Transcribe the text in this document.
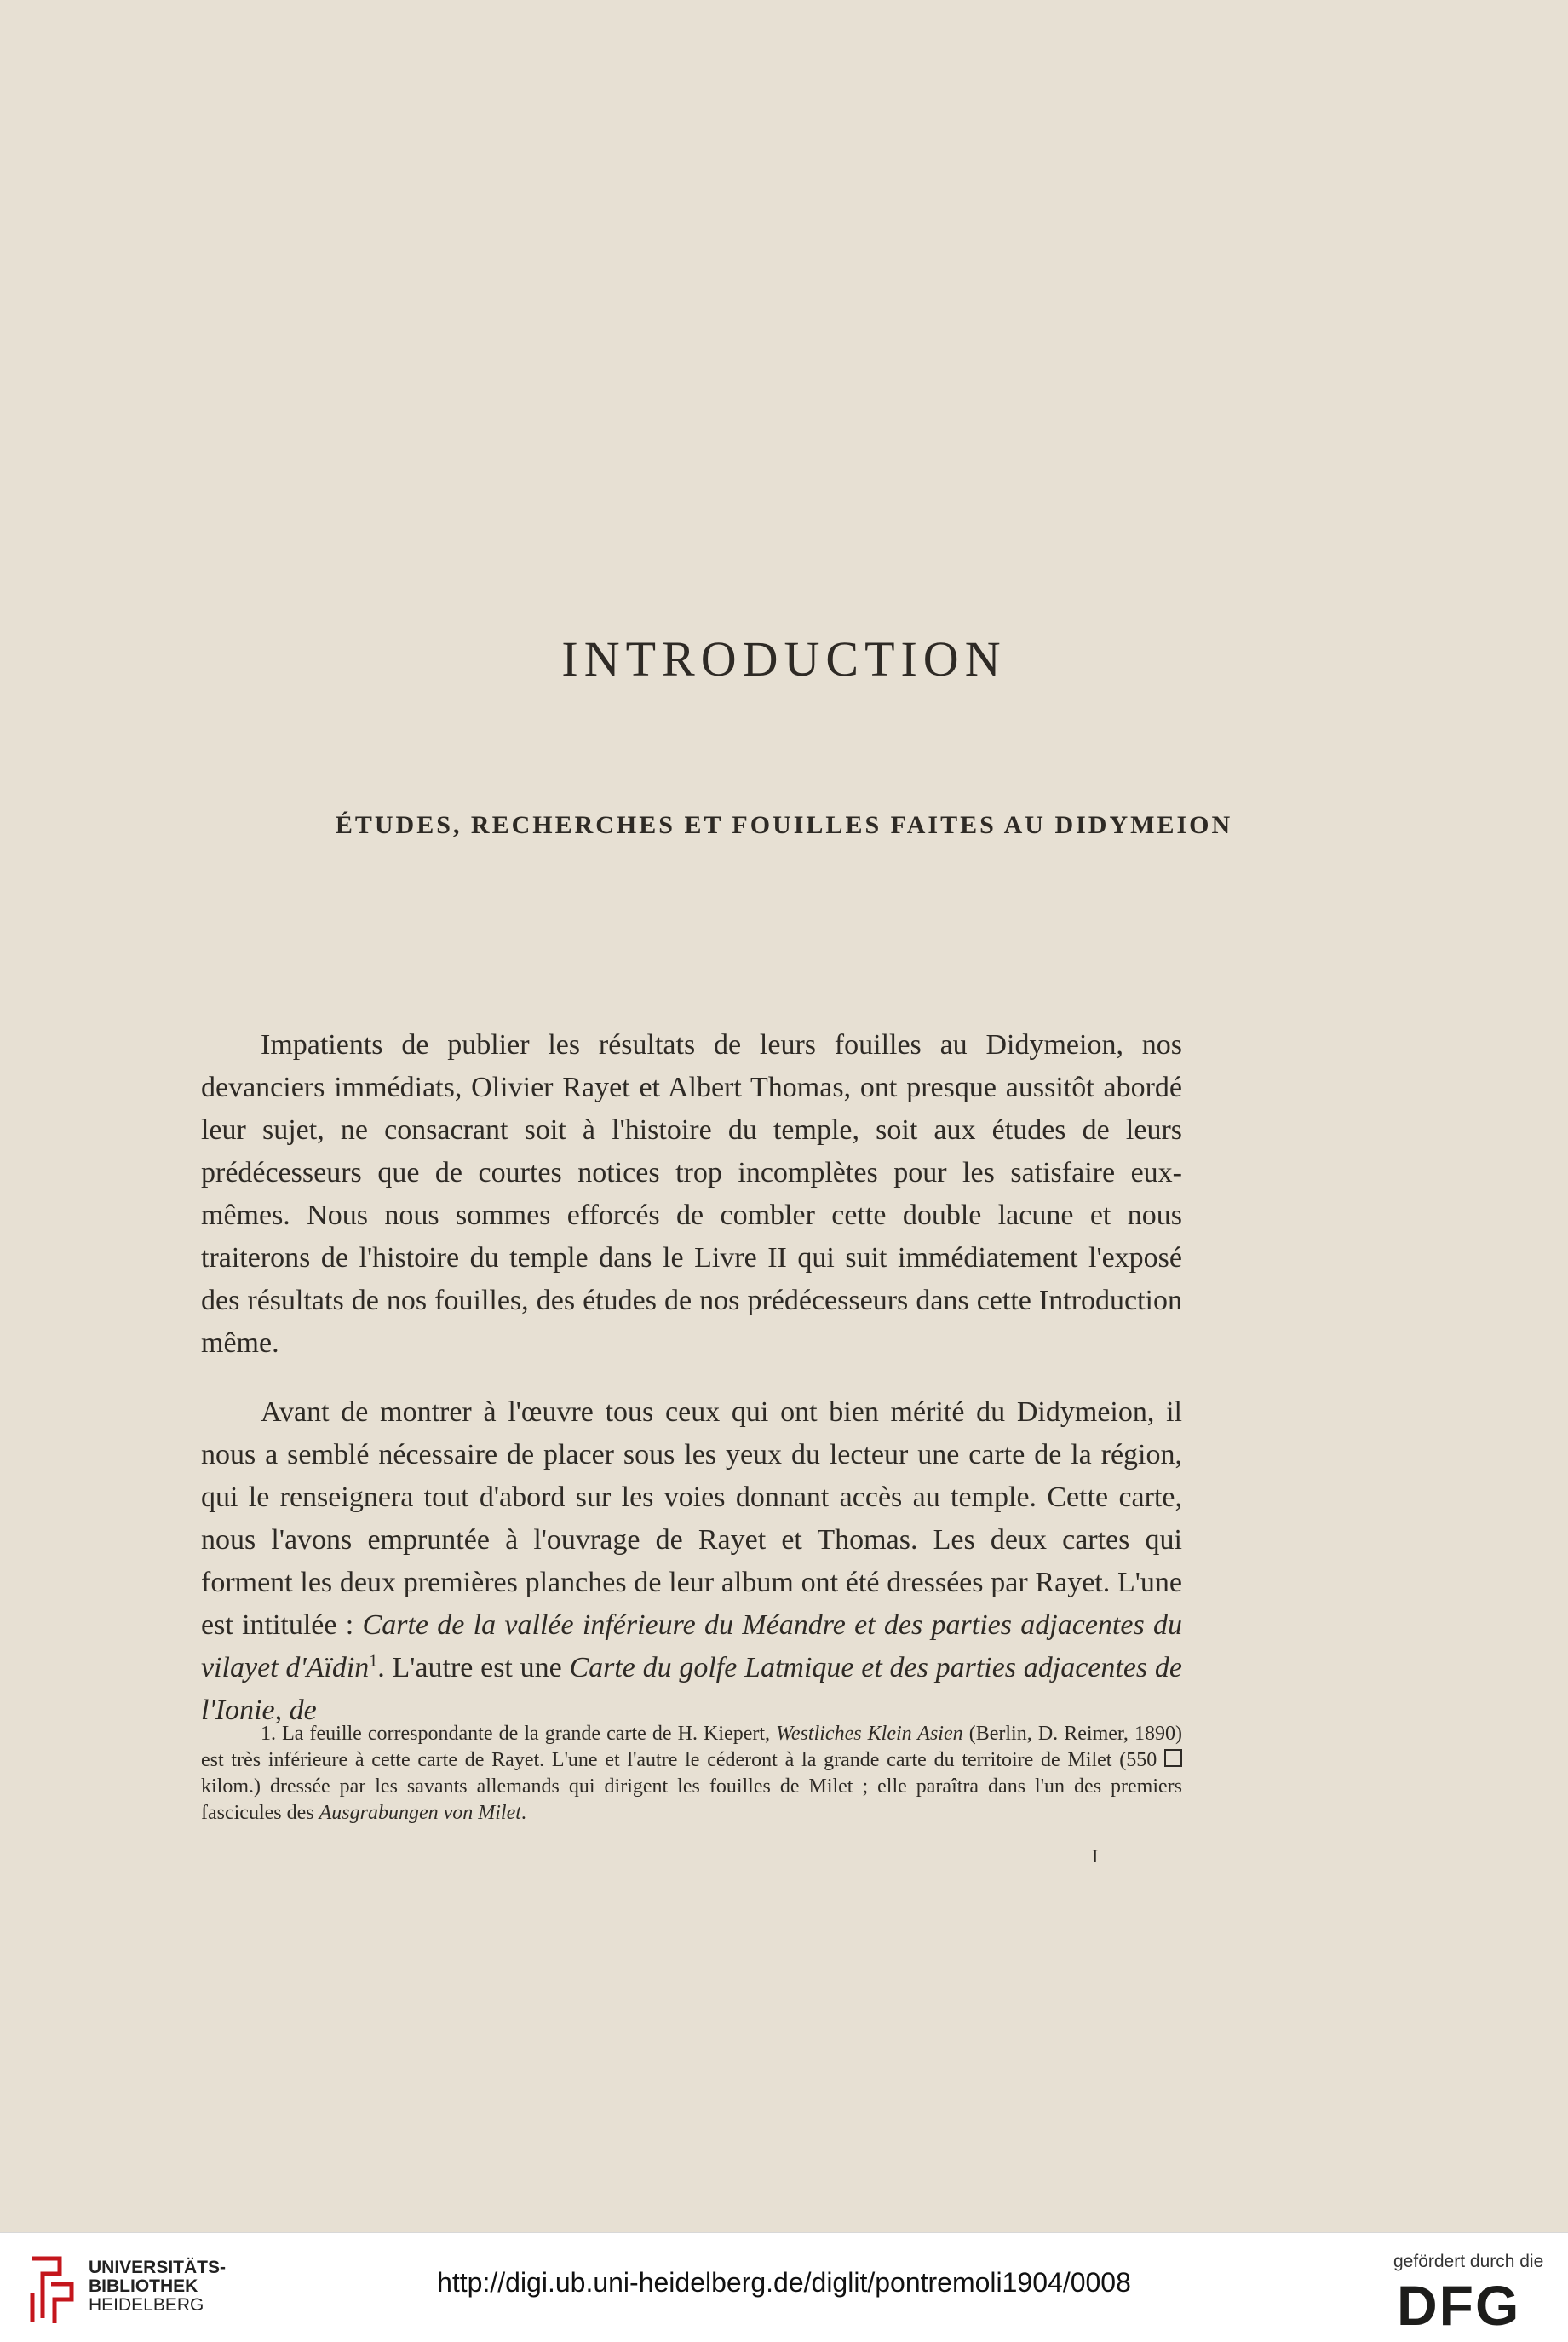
INTRODUCTION
ÉTUDES, RECHERCHES ET FOUILLES FAITES AU DIDYMEION

Impatients de publier les résultats de leurs fouilles au Didymeion, nos devanciers immédiats, Olivier Rayet et Albert Thomas, ont presque aussitôt abordé leur sujet, ne consacrant soit à l'histoire du temple, soit aux études de leurs prédécesseurs que de courtes notices trop incomplètes pour les satisfaire eux-mêmes. Nous nous sommes efforcés de combler cette double lacune et nous traiterons de l'histoire du temple dans le Livre II qui suit immédiatement l'exposé des résultats de nos fouilles, des études de nos prédécesseurs dans cette Introduction même.

Avant de montrer à l'œuvre tous ceux qui ont bien mérité du Didymeion, il nous a semblé nécessaire de placer sous les yeux du lecteur une carte de la région, qui le renseignera tout d'abord sur les voies donnant accès au temple. Cette carte, nous l'avons empruntée à l'ouvrage de Rayet et Thomas. Les deux cartes qui forment les deux premières planches de leur album ont été dressées par Rayet. L'une est intitulée : Carte de la vallée inférieure du Méandre et des parties adjacentes du vilayet d'Aïdin$^1$. L'autre est une Carte du golfe Latmique et des parties adjacentes de l'Ionie, de

1. La feuille correspondante de la grande carte de H. Kiepert, Westliches Klein Asien (Berlin, D. Reimer, 1890) est très inférieure à cette carte de Rayet. L'une et l'autre le céderont à la grande carte du territoire de Milet (550  kilom.) dressée par les savants allemands qui dirigent les fouilles de Milet ; elle paraîtra dans l'un des premiers fascicules des Ausgrabungen von Milet.

I

UNIVERSITÄTS-
BIBLIOTHEK
HEIDELBERG
http://digi.ub.uni-heidelberg.de/diglit/pontremoli1904/0008
gefördert durch die
DFG
